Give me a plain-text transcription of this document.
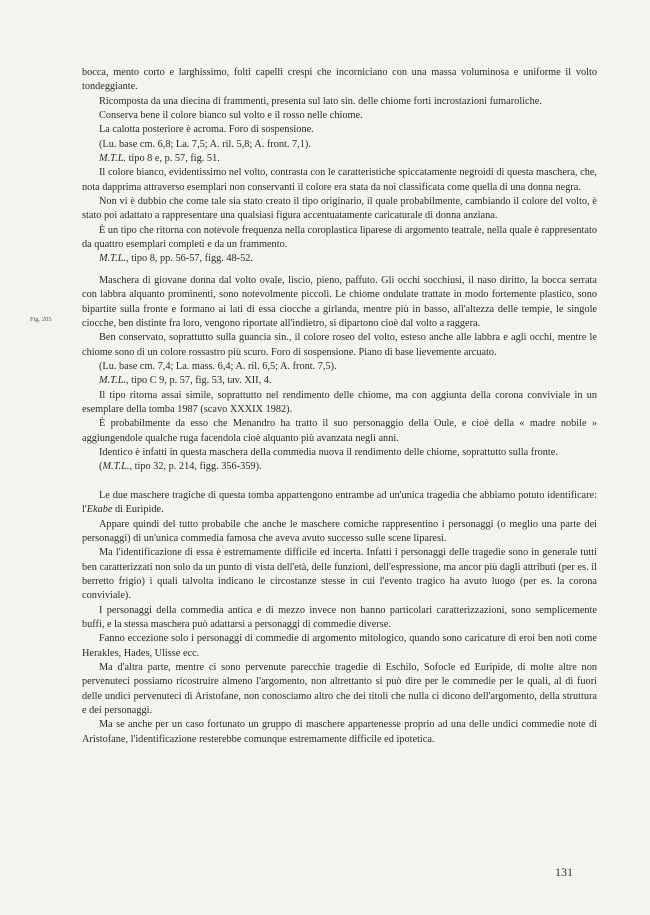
Fig. 205

bocca, mento corto e larghissimo, folti capelli crespi che incorniciano con una massa voluminosa e uniforme il volto tondeggiante.

Ricomposta da una diecina di frammenti, presenta sul lato sin. delle chiome forti incrostazioni fumaroliche.

Conserva bene il colore bianco sul volto e il rosso nelle chiome.

La calotta posteriore è acroma. Foro di sospensione.

(Lu. base cm. 6,8; La. 7,5; A. ril. 5,8; A. front. 7,1).

M.T.L. tipo 8 e, p. 57, fig. 51.

Il colore bianco, evidentissimo nel volto, contrasta con le caratteristiche spiccatamente negroidi di questa maschera, che, nota dapprima attraverso esemplari non conservanti il colore era stata da noi classificata come quella di una donna negra.

Non vi è dubbio che come tale sia stato creato il tipo originario, il quale probabilmente, cambiando il colore del volto, è stato poi adattato a rappresentare una qualsiasi figura accentuatamente caricaturale di donna anziana.

È un tipo che ritorna con notevole frequenza nella coroplastica liparese di argomento teatrale, nella quale è rappresentato da quattro esemplari completi e da un frammento.

M.T.L., tipo 8, pp. 56-57, figg. 48-52.

Maschera di giovane donna dal volto ovale, liscio, pieno, paffuto. Gli occhi socchiusi, il naso diritto, la bocca serrata con labbra alquanto prominenti, sono notevolmente piccoli. Le chiome ondulate trattate in modo fortemente plastico, sono bipartite sulla fronte e formano ai lati di essa ciocche a girlanda, mentre più in basso, all'altezza delle tempie, le singole ciocche, ben distinte fra loro, vengono riportate all'indietro, si dipartono cioè dal volto a raggera.

Ben conservato, soprattutto sulla guancia sin., il colore roseo del volto, esteso anche alle labbra e agli occhi, mentre le chiome sono di un colore rossastro più scuro. Foro di sospensione. Piano di base lievemente arcuato.

(Lu. base cm. 7,4; La. mass. 6,4; A. ril. 6,5; A. front. 7,5).

M.T.L., tipo C 9, p. 57, fig. 53, tav. XII, 4.

Il tipo ritorna assai simile, soprattutto nel rendimento delle chiome, ma con aggiunta della corona conviviale in un esemplare della tomba 1987 (scavo XXXIX 1982).

È probabilmente da esso che Menandro ha tratto il suo personaggio della Oule, e cioè della « madre nobile » aggiungendole qualche ruga facendola cioè alquanto più avanzata negli anni.

Identico è infatti in questa maschera della commedia nuova il rendimento delle chiome, soprattutto sulla fronte.

(M.T.L., tipo 32, p. 214, figg. 356-359).

Le due maschere tragiche di questa tomba appartengono entrambe ad un'unica tragedia che abbiamo potuto identificare: l'Ekabe di Euripide.

Appare quindi del tutto probabile che anche le maschere comiche rappresentino i personaggi (o meglio una parte dei personaggi) di un'unica commedia famosa che aveva avuto successo sulle scene liparesi.

Ma l'identificazione di essa è estremamente difficile ed incerta. Infatti i personaggi delle tragedie sono in generale tutti ben caratterizzati non solo da un punto di vista dell'età, delle funzioni, dell'espressione, ma ancor più dagli attributi (per es. il berretto frigio) i quali talvolta indicano le circostanze stesse in cui l'evento tragico ha avuto luogo (per es. la corona conviviale).

I personaggi della commedia antica e di mezzo invece non hanno particolari caratterizzazioni, sono semplicemente buffi, e la stessa maschera può adattarsi a personaggi di commedie diverse.

Fanno eccezione solo i personaggi di commedie di argomento mitologico, quando sono caricature di eroi ben noti come Herakles, Hades, Ulisse ecc.

Ma d'altra parte, mentre ci sono pervenute parecchie tragedie di Eschilo, Sofocle ed Euripide, di molte altre non pervenuteci possiamo ricostruire almeno l'argomento, non altrettanto si può dire per le commedie per le quali, al di fuori delle undici pervenuteci di Aristofane, non conosciamo altro che dei titoli che nulla ci dicono dell'argomento, della struttura e dei personaggi.

Ma se anche per un caso fortunato un gruppo di maschere appartenesse proprio ad una delle undici commedie note di Aristofane, l'identificazione resterebbe comunque estremamente difficile ed ipotetica.

131
